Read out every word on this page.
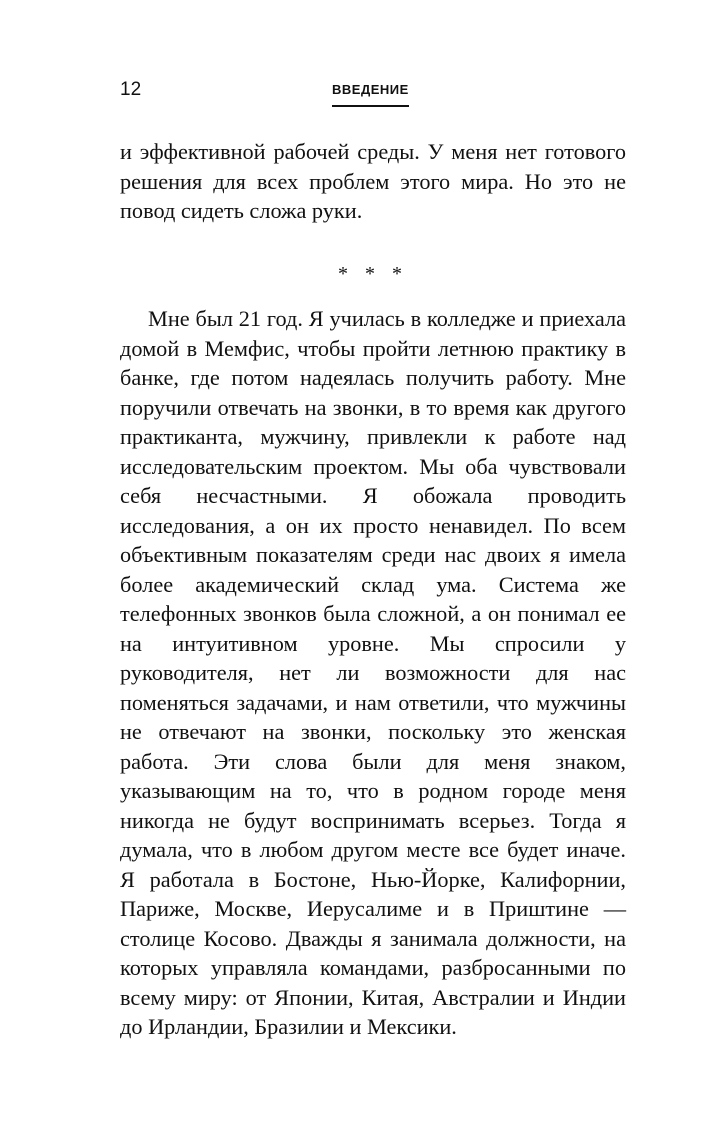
12	ВВЕДЕНИЕ

и эффективной рабочей среды. У меня нет готового решения для всех проблем этого мира. Но это не повод сидеть сложа руки.

* * *

Мне был 21 год. Я училась в колледже и приехала домой в Мемфис, чтобы пройти летнюю практику в банке, где потом надеялась получить работу. Мне поручили отвечать на звонки, в то время как другого практиканта, мужчину, привлекли к работе над исследовательским проектом. Мы оба чувствовали себя несчастными. Я обожала проводить исследования, а он их просто ненавидел. По всем объективным показателям среди нас двоих я имела более академический склад ума. Система же телефонных звонков была сложной, а он понимал ее на интуитивном уровне. Мы спросили у руководителя, нет ли возможности для нас поменяться задачами, и нам ответили, что мужчины не отвечают на звонки, поскольку это женская работа. Эти слова были для меня знаком, указывающим на то, что в родном городе меня никогда не будут воспринимать всерьез. Тогда я думала, что в любом другом месте все будет иначе. Я работала в Бостоне, Нью-Йорке, Калифорнии, Париже, Москве, Иерусалиме и в Приштине — столице Косово. Дважды я занимала должности, на которых управляла командами, разбросанными по всему миру: от Японии, Китая, Австралии и Индии до Ирландии, Бразилии и Мексики.
